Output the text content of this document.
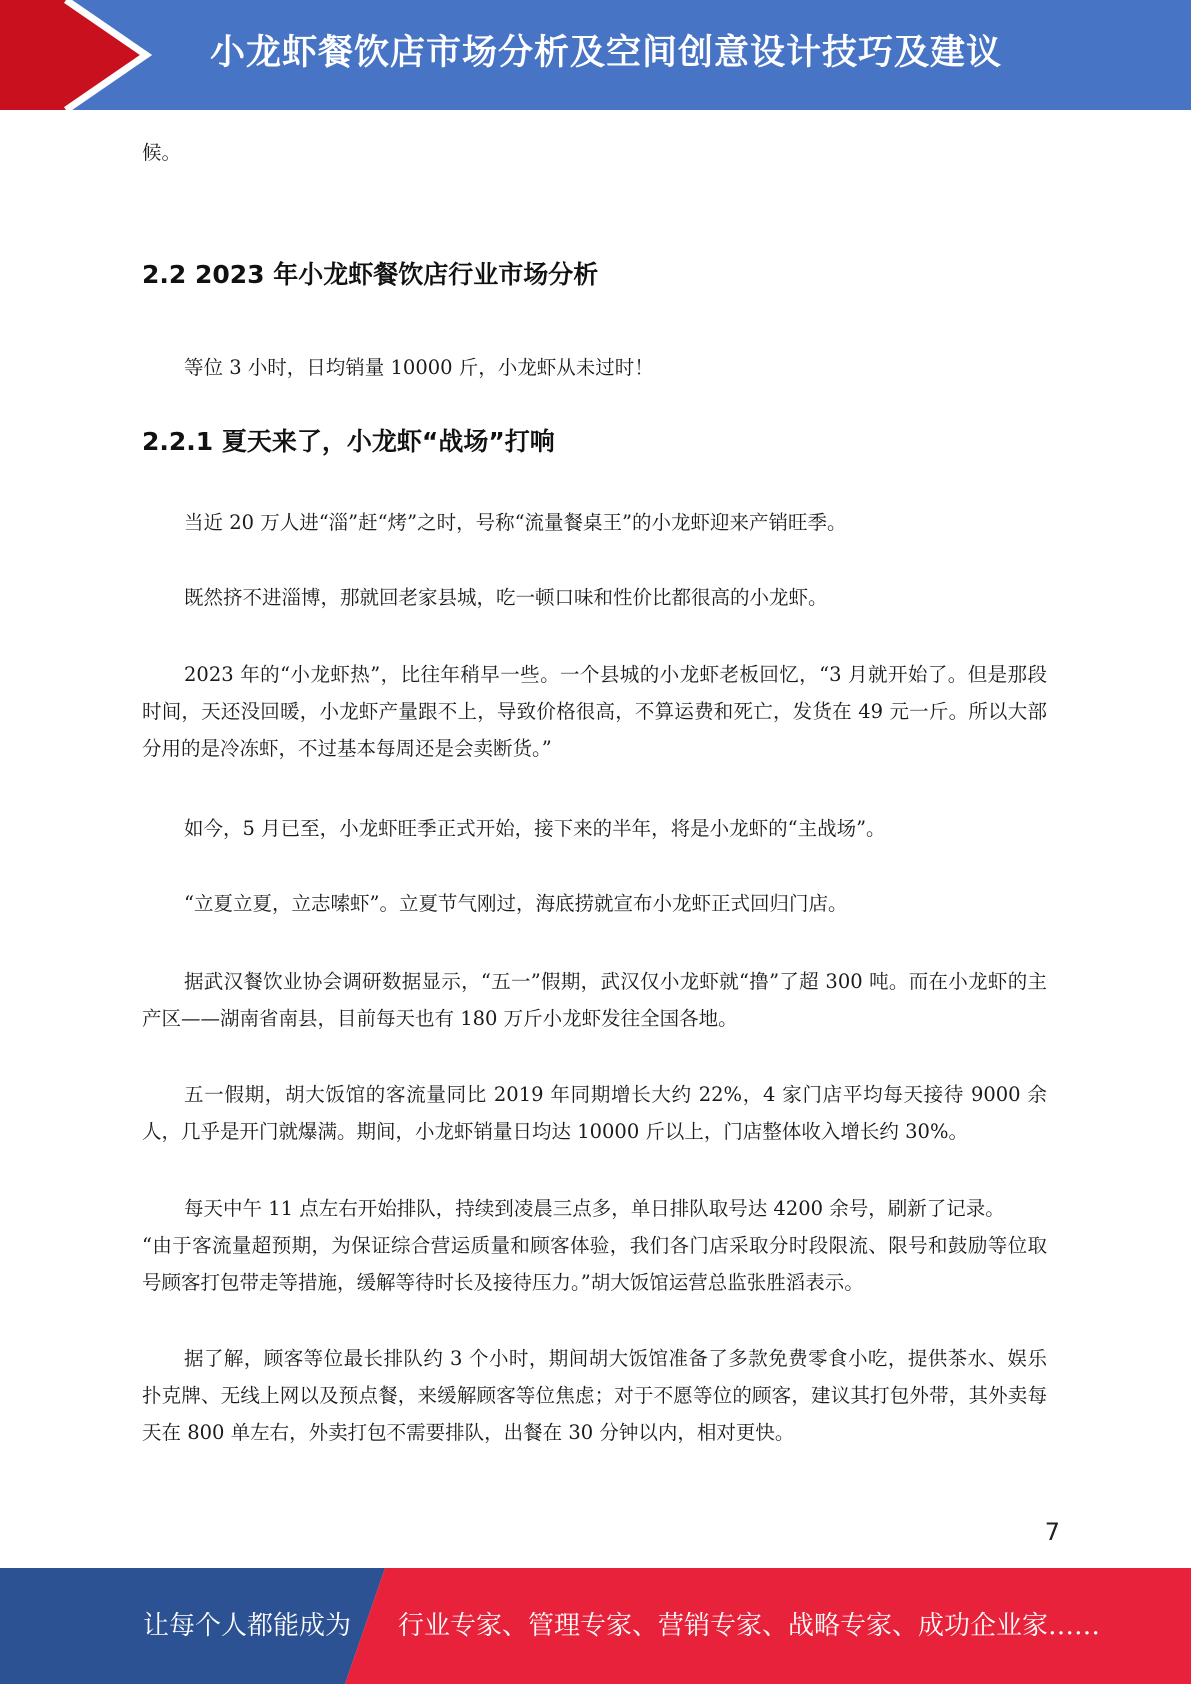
小龙虾餐饮店市场分析及空间创意设计技巧及建议

候。

2.2 2023 年小龙虾餐饮店行业市场分析

等位 3 小时，日均销量 10000 斤，小龙虾从未过时！

2.2.1 夏天来了，小龙虾“战场”打响

当近 20 万人进“淄”赶“烤”之时，号称“流量餐桌王”的小龙虾迎来产销旺季。

既然挤不进淄博，那就回老家县城，吃一顿口味和性价比都很高的小龙虾。

2023 年的“小龙虾热”，比往年稍早一些。一个县城的小龙虾老板回忆，“3 月就开始了。但是那段时间，天还没回暖，小龙虾产量跟不上，导致价格很高，不算运费和死亡，发货在 49 元一斤。所以大部分用的是冷冻虾，不过基本每周还是会卖断货。”

如今，5 月已至，小龙虾旺季正式开始，接下来的半年，将是小龙虾的“主战场”。

“立夏立夏，立志嗦虾”。立夏节气刚过，海底捞就宣布小龙虾正式回归门店。

据武汉餐饮业协会调研数据显示，“五一”假期，武汉仅小龙虾就“撸”了超 300 吨。而在小龙虾的主产区——湖南省南县，目前每天也有 180 万斤小龙虾发往全国各地。

五一假期，胡大饭馆的客流量同比 2019 年同期增长大约 22%，4 家门店平均每天接待 9000 余人，几乎是开门就爆满。期间，小龙虾销量日均达 10000 斤以上，门店整体收入增长约 30%。

每天中午 11 点左右开始排队，持续到凌晨三点多，单日排队取号达 4200 余号，刷新了记录。

“由于客流量超预期，为保证综合营运质量和顾客体验，我们各门店采取分时段限流、限号和鼓励等位取号顾客打包带走等措施，缓解等待时长及接待压力。”胡大饭馆运营总监张胜滔表示。

据了解，顾客等位最长排队约 3 个小时，期间胡大饭馆准备了多款免费零食小吃，提供茶水、娱乐扑克牌、无线上网以及预点餐，来缓解顾客等位焦虑；对于不愿等位的顾客，建议其打包外带，其外卖每天在 800 单左右，外卖打包不需要排队，出餐在 30 分钟以内，相对更快。

7
让每个人都能成为 行业专家、管理专家、营销专家、战略专家、成功企业家……
